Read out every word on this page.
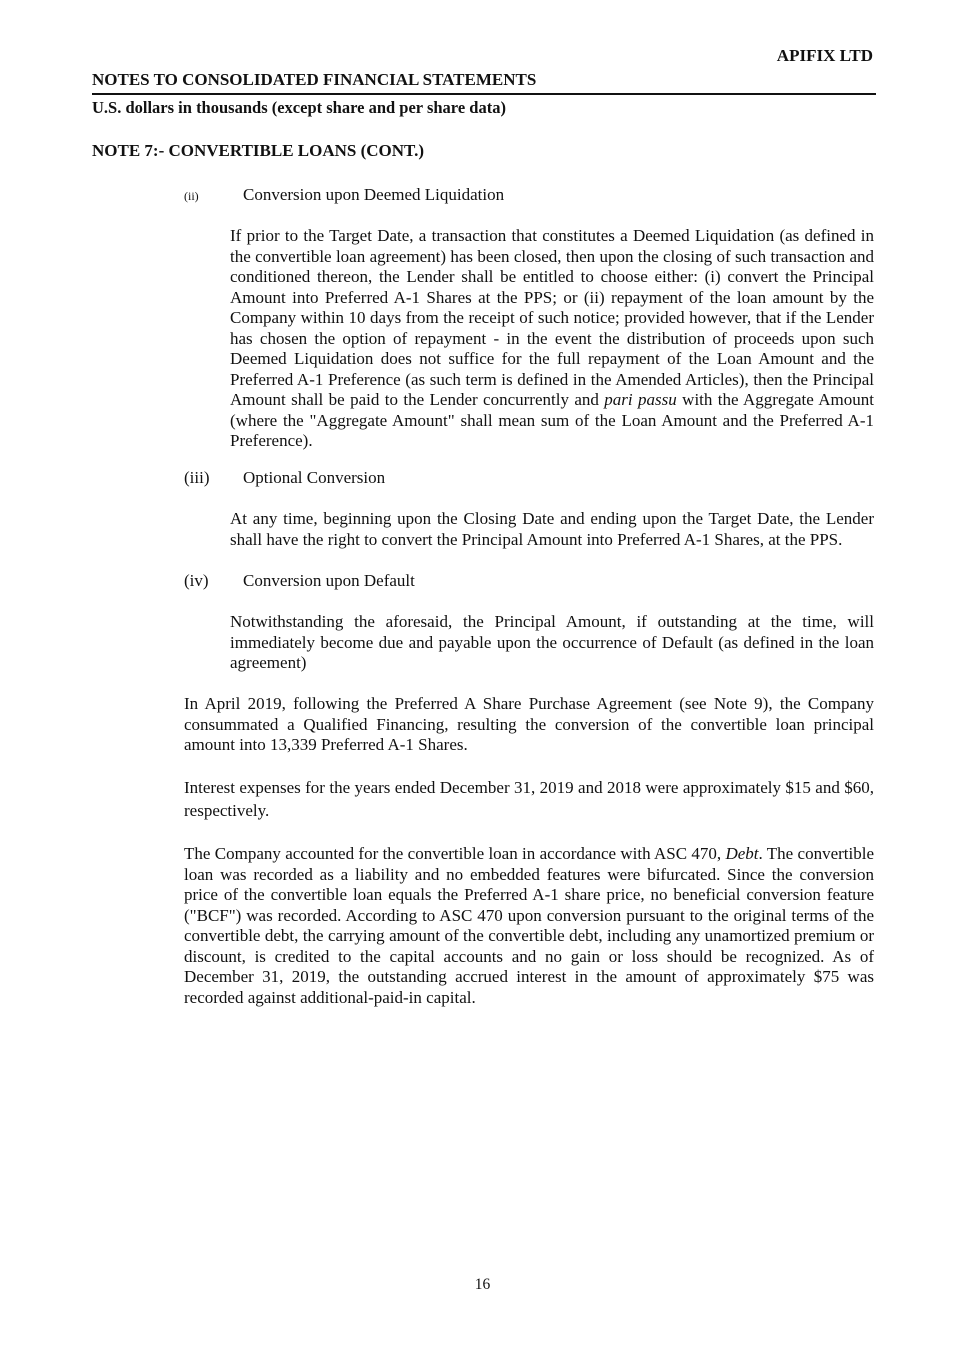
APIFIX LTD
NOTES TO CONSOLIDATED FINANCIAL STATEMENTS
U.S. dollars in thousands (except share and per share data)
NOTE 7:- CONVERTIBLE LOANS (CONT.)
(ii)	Conversion upon Deemed Liquidation
If prior to the Target Date, a transaction that constitutes a Deemed Liquidation (as defined in the convertible loan agreement) has been closed, then upon the closing of such transaction and conditioned thereon, the Lender shall be entitled to choose either: (i) convert the Principal Amount into Preferred A-1 Shares at the PPS; or (ii) repayment of the loan amount by the Company within 10 days from the receipt of such notice; provided however, that if the Lender has chosen the option of repayment - in the event the distribution of proceeds upon such Deemed Liquidation does not suffice for the full repayment of the Loan Amount and the Preferred A-1 Preference (as such term is defined in the Amended Articles), then the Principal Amount shall be paid to the Lender concurrently and pari passu with the Aggregate Amount (where the "Aggregate Amount" shall mean sum of the Loan Amount and the Preferred A-1 Preference).
(iii) Optional Conversion
At any time, beginning upon the Closing Date and ending upon the Target Date, the Lender shall have the right to convert the Principal Amount into Preferred A-1 Shares, at the PPS.
(iv) Conversion upon Default
Notwithstanding the aforesaid, the Principal Amount, if outstanding at the time, will immediately become due and payable upon the occurrence of Default (as defined in the loan agreement)
In April 2019, following the Preferred A Share Purchase Agreement (see Note 9), the Company consummated a Qualified Financing, resulting the conversion of the convertible loan principal amount into 13,339 Preferred A-1 Shares.
Interest expenses for the years ended December 31, 2019 and 2018 were approximately $15 and $60, respectively.
The Company accounted for the convertible loan in accordance with ASC 470, Debt. The convertible loan was recorded as a liability and no embedded features were bifurcated. Since the conversion price of the convertible loan equals the Preferred A-1 share price, no beneficial conversion feature ("BCF") was recorded. According to ASC 470 upon conversion pursuant to the original terms of the convertible debt, the carrying amount of the convertible debt, including any unamortized premium or discount, is credited to the capital accounts and no gain or loss should be recognized. As of December 31, 2019, the outstanding accrued interest in the amount of approximately $75 was recorded against additional-paid-in capital.
16
